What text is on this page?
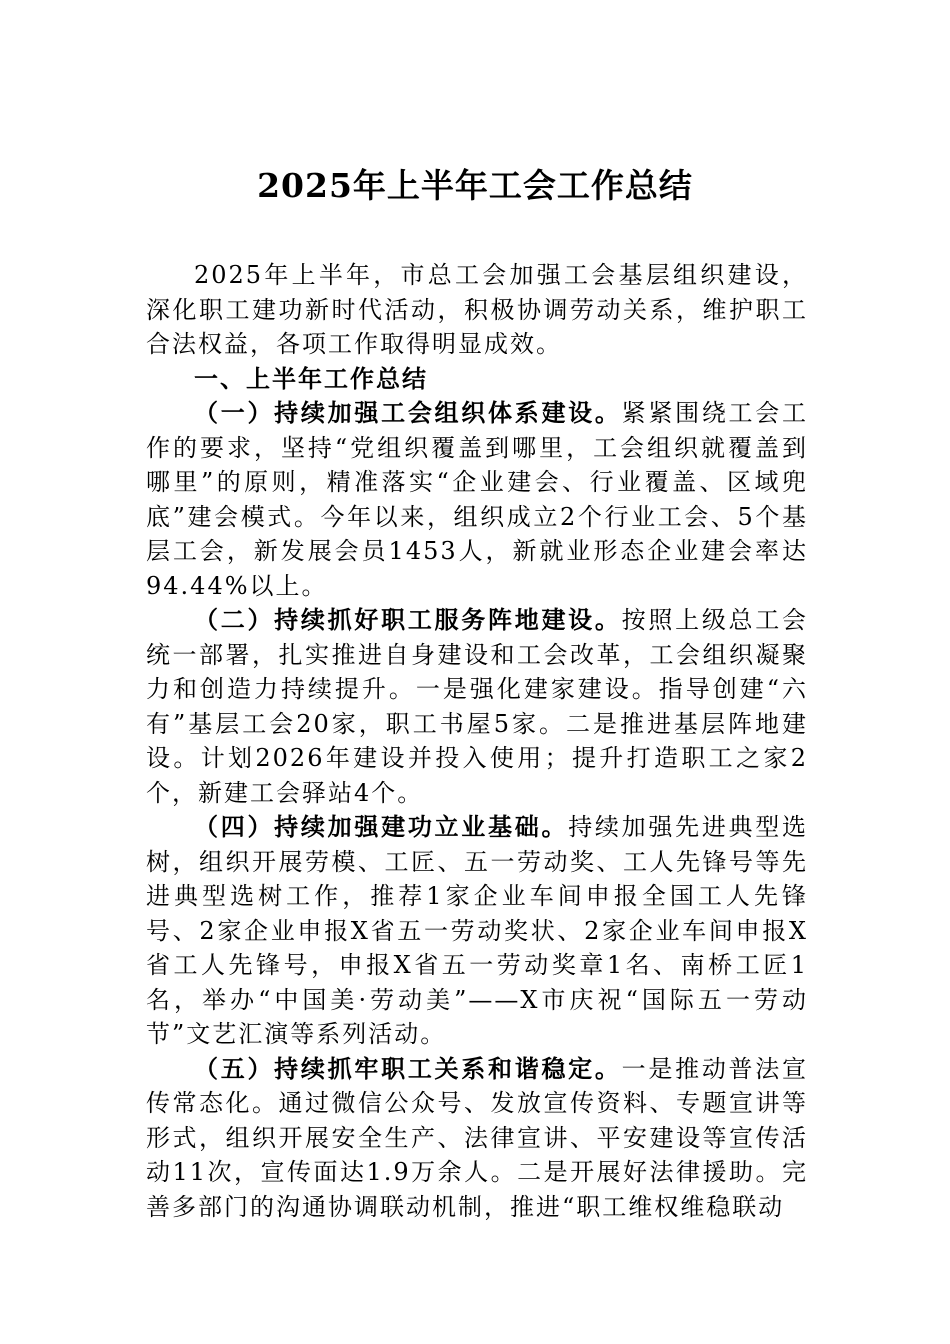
2025年上半年工会工作总结

2025年上半年，市总工会加强工会基层组织建设，深化职工建功新时代活动，积极协调劳动关系，维护职工合法权益，各项工作取得明显成效。

一、上半年工作总结

（一）持续加强工会组织体系建设。紧紧围绕工会工作的要求，坚持“党组织覆盖到哪里，工会组织就覆盖到哪里”的原则，精准落实“企业建会、行业覆盖、区域兜底”建会模式。今年以来，组织成立2个行业工会、5个基层工会，新发展会员1453人，新就业形态企业建会率达94.44%以上。

（二）持续抓好职工服务阵地建设。按照上级总工会统一部署，扎实推进自身建设和工会改革，工会组织凝聚力和创造力持续提升。一是强化建家建设。指导创建“六有”基层工会20家，职工书屋5家。二是推进基层阵地建设。计划2026年建设并投入使用；提升打造职工之家2个，新建工会驿站4个。

（四）持续加强建功立业基础。持续加强先进典型选树，组织开展劳模、工匠、五一劳动奖、工人先锋号等先进典型选树工作，推荐1家企业车间申报全国工人先锋号、2家企业申报X省五一劳动奖状、2家企业车间申报X省工人先锋号，申报X省五一劳动奖章1名、南桥工匠1名，举办“中国美·劳动美”——X市庆祝“国际五一劳动节”文艺汇演等系列活动。

（五）持续抓牢职工关系和谐稳定。一是推动普法宣传常态化。通过微信公众号、发放宣传资料、专题宣讲等形式，组织开展安全生产、法律宣讲、平安建设等宣传活动11次，宣传面达1.9万余人。二是开展好法律援助。完善多部门的沟通协调联动机制，推进“职工维权维稳联动
